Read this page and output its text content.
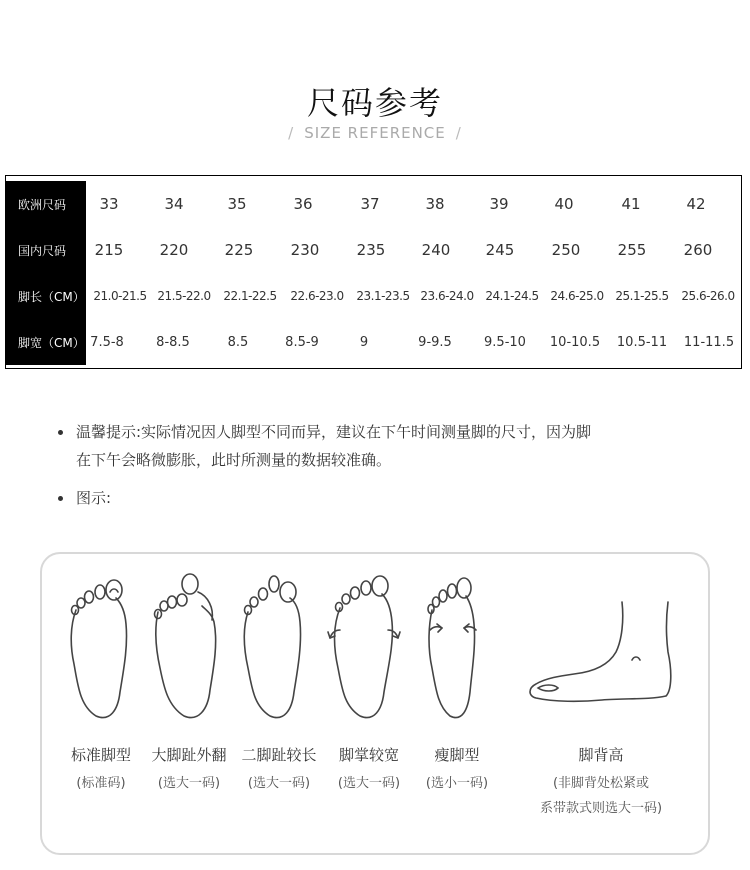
尺码参考
/ SIZE REFERENCE /
欧洲尺码	33	34	35	36	37	38	39	40	41	42
国内尺码	215	220	225	230	235	240	245	250	255	260
脚长（CM） 21.0-21.5 21.5-22.0 22.1-22.5 22.6-23.0 23.1-23.5 23.6-24.0 24.1-24.5 24.6-25.0 25.1-25.5 25.6-26.0
脚宽（CM） 7.5-8	8-8.5	8.5	8.5-9	9	9-9.5	9.5-10	10-10.5	10.5-11	11-11.5
温馨提示:实际情况因人脚型不同而异，建议在下午时间测量脚的尺寸，因为脚
在下午会略微膨胀，此时所测量的数据较准确。
图示:
标准脚型
(标准码)
大脚趾外翻
(选大一码)
二脚趾较长
(选大一码)
脚掌较宽
(选大一码)
瘦脚型
(选小一码)
脚背高
(非脚背处松紧或
系带款式则选大一码)
